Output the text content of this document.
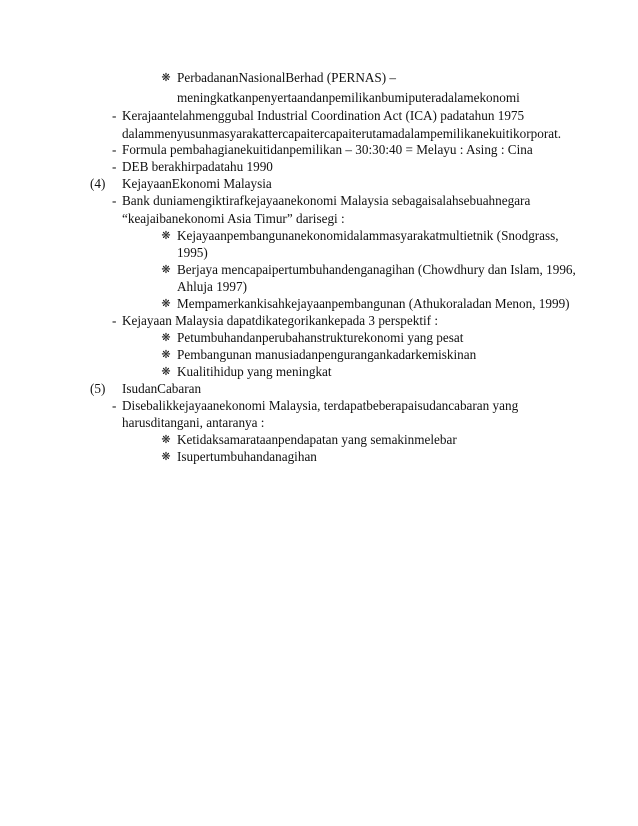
❋ PerbadananNasionalBerhad (PERNAS) –
meningkatkanpenyertaandanpemilikanbumiputeradalamekonomi
- Kerajaantelahmenggubal Industrial Coordination Act (ICA) padatahun 1975
dalammenyusunmasyarakattercapaitercapaiterutamadalampemilikanekuitikorporat.
- Formula pembahagianekuitidanpemilikan – 30:30:40 = Melayu : Asing : Cina
- DEB berakhirpadatahu 1990
(4) KejayaanEkonomi Malaysia
- Bank duniamengiktirafkejayaanekonomi Malaysia sebagaisalahsebuahnegara
“keajaibanekonomi Asia Timur” darisegi :
❋ Kejayaanpembangunanekonomidalammasyarakatmultietnik (Snodgrass,
1995)
❋ Berjaya mencapaipertumbuhandenganagihan (Chowdhury dan Islam, 1996,
Ahluja 1997)
❋ Mempamerkankisahkejayaanpembangunan (Athukoraladan Menon, 1999)
- Kejayaan Malaysia dapatdikategorikankepada 3 perspektif :
❋ Petumbuhandanperubahanstrukturekonomi yang pesat
❋ Pembangunan manusiadanpengurangankadarkemiskinan
❋ Kualitihidup yang meningkat
(5) IsudanCabaran
- Disebalikkejayaanekonomi Malaysia, terdapatbeberapaisudancabaran yang
harusditangani, antaranya :
❋ Ketidaksamarataanpendapatan yang semakinmelebar
❋ Isupertumbuhandanagihan
